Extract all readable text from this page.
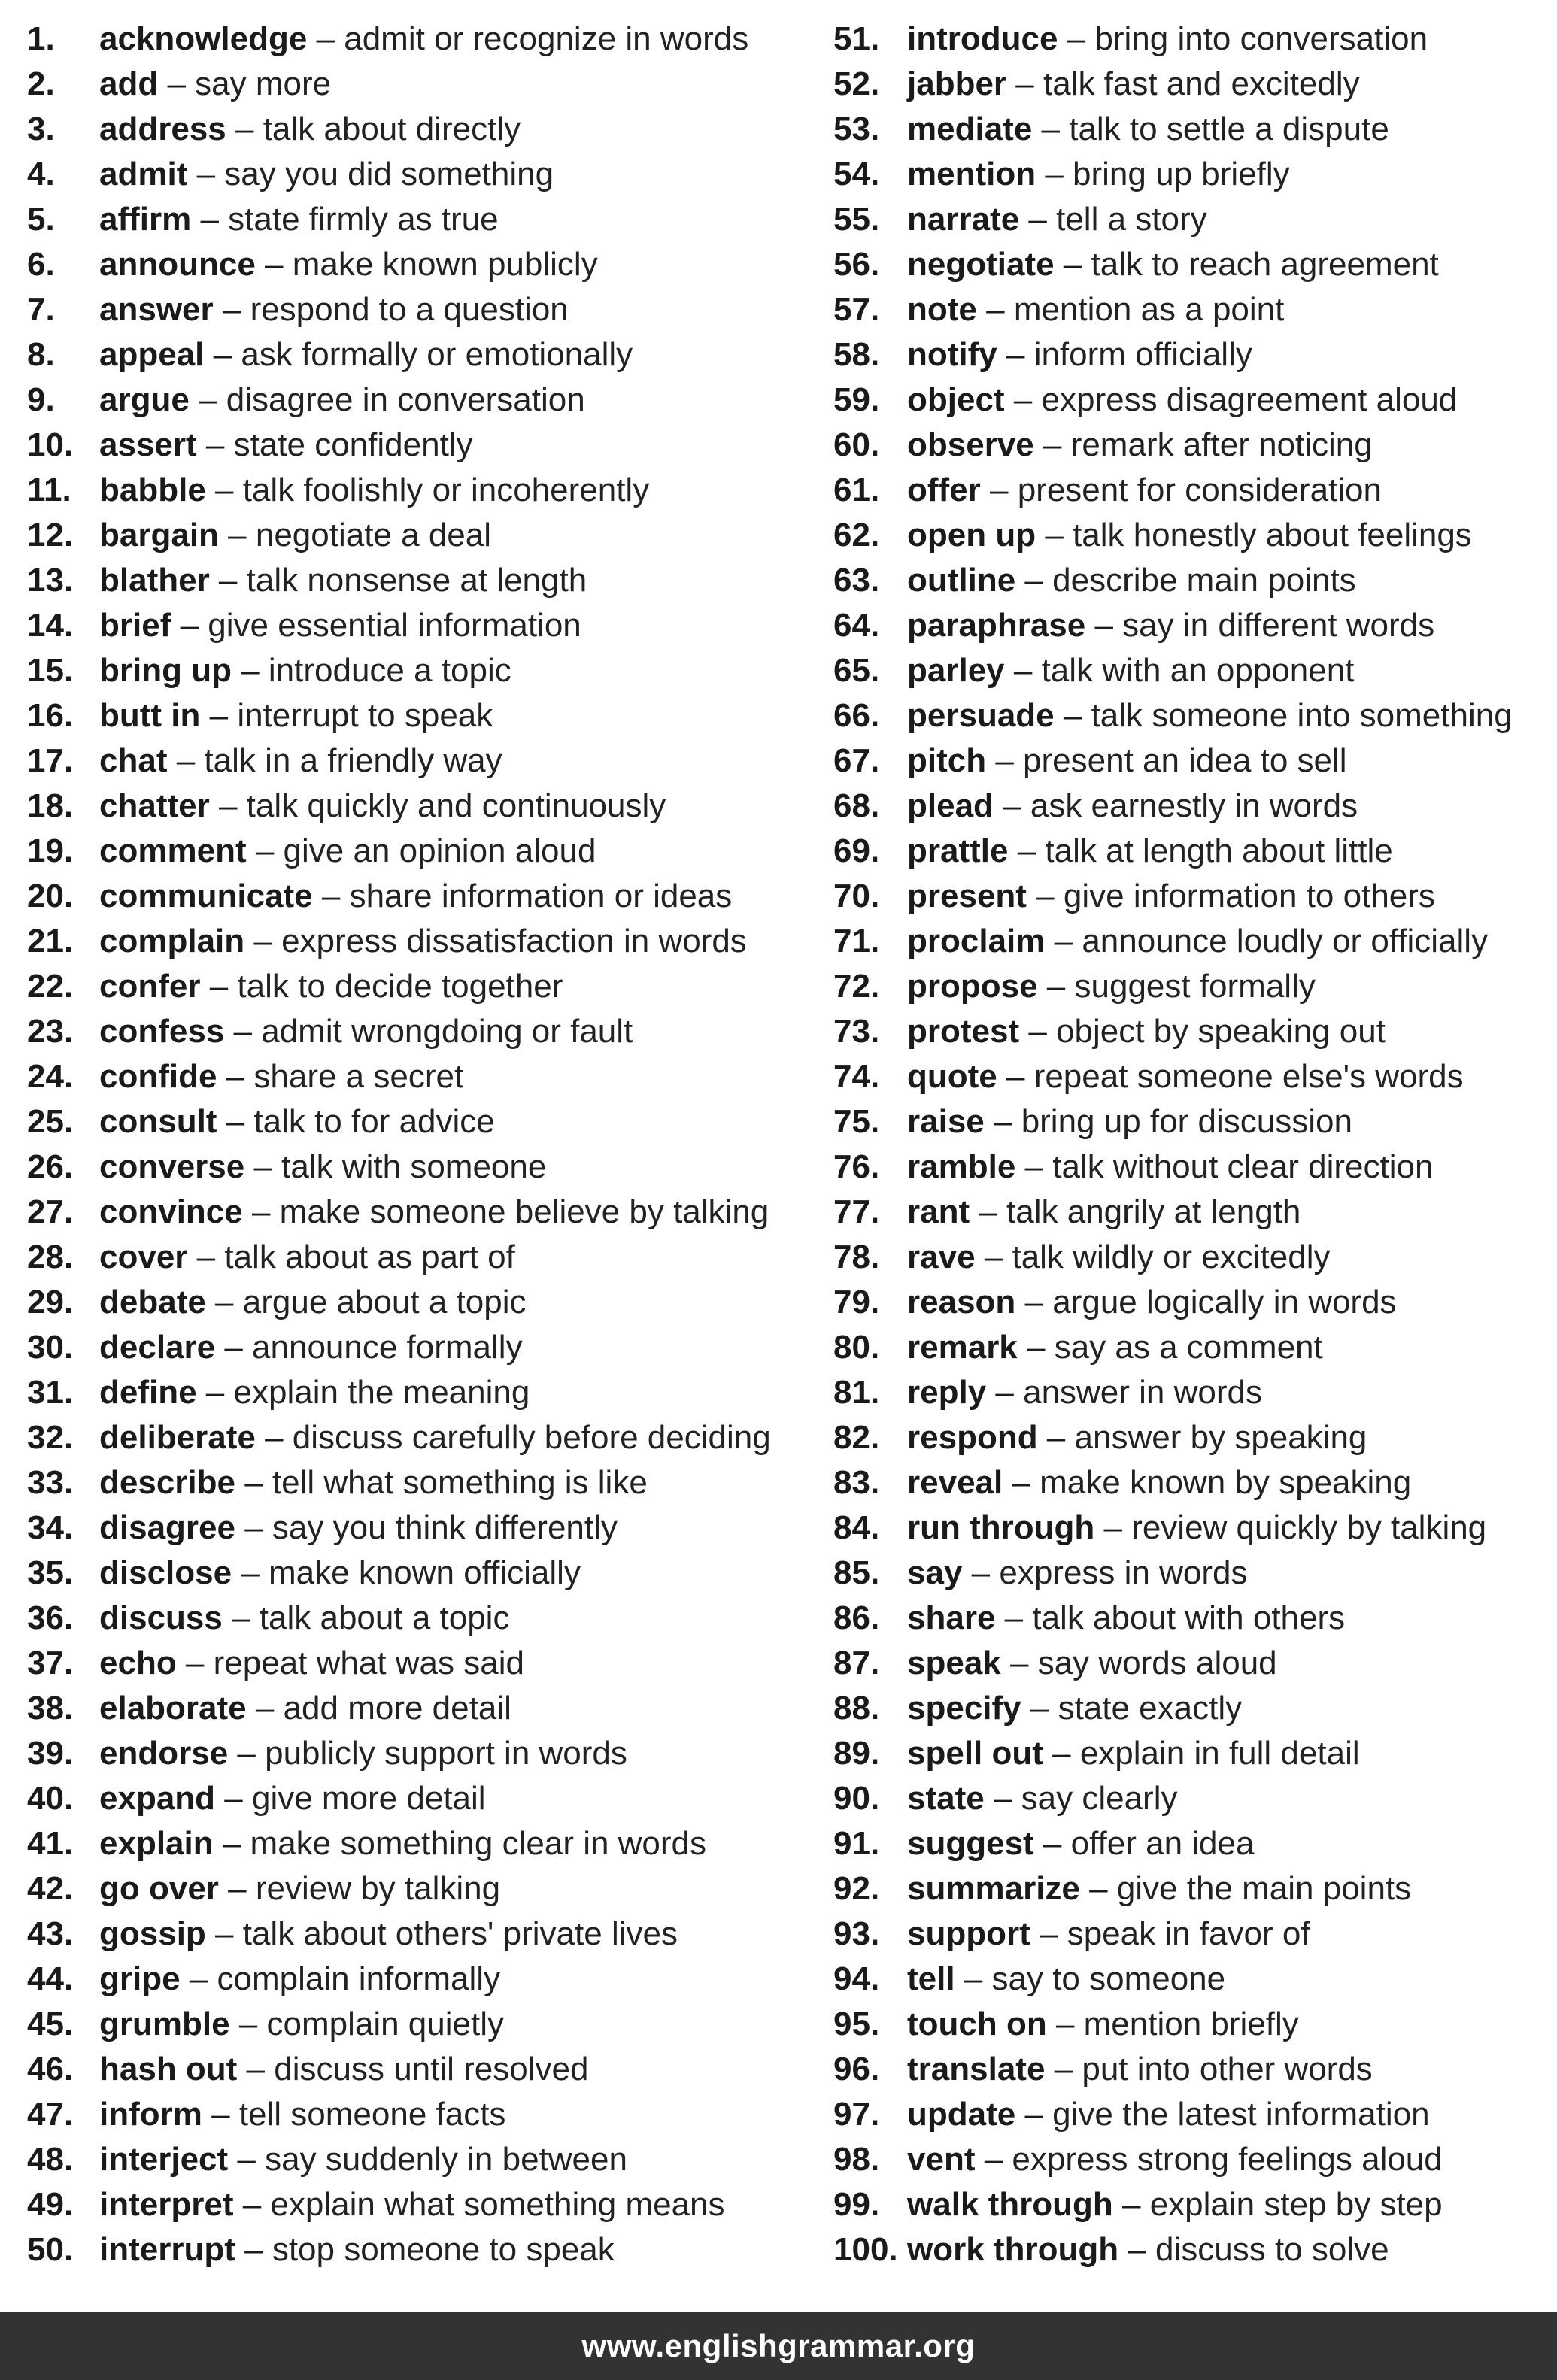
1.	acknowledge – admit or recognize in words
2.	add – say more
3.	address – talk about directly
4.	admit – say you did something
5.	affirm – state firmly as true
6.	announce – make known publicly
7.	answer – respond to a question
8.	appeal – ask formally or emotionally
9.	argue – disagree in conversation
10. assert – state confidently
11. babble – talk foolishly or incoherently
12. bargain – negotiate a deal
13. blather – talk nonsense at length
14. brief – give essential information
15. bring up – introduce a topic
16. butt in – interrupt to speak
17. chat – talk in a friendly way
18. chatter – talk quickly and continuously
19. comment – give an opinion aloud
20. communicate – share information or ideas
21. complain – express dissatisfaction in words
22. confer – talk to decide together
23. confess – admit wrongdoing or fault
24. confide – share a secret
25. consult – talk to for advice
26. converse – talk with someone
27. convince – make someone believe by talking
28. cover – talk about as part of
29. debate – argue about a topic
30. declare – announce formally
31. define – explain the meaning
32. deliberate – discuss carefully before deciding
33. describe – tell what something is like
34. disagree – say you think differently
35. disclose – make known officially
36. discuss – talk about a topic
37. echo – repeat what was said
38. elaborate – add more detail
39. endorse – publicly support in words
40. expand – give more detail
41. explain – make something clear in words
42. go over – review by talking
43. gossip – talk about others' private lives
44. gripe – complain informally
45. grumble – complain quietly
46. hash out – discuss until resolved
47. inform – tell someone facts
48. interject – say suddenly in between
49. interpret – explain what something means
50. interrupt – stop someone to speak
51. introduce – bring into conversation
52. jabber – talk fast and excitedly
53. mediate – talk to settle a dispute
54. mention – bring up briefly
55. narrate – tell a story
56. negotiate – talk to reach agreement
57. note – mention as a point
58. notify – inform officially
59. object – express disagreement aloud
60. observe – remark after noticing
61. offer – present for consideration
62. open up – talk honestly about feelings
63. outline – describe main points
64. paraphrase – say in different words
65. parley – talk with an opponent
66. persuade – talk someone into something
67. pitch – present an idea to sell
68. plead – ask earnestly in words
69. prattle – talk at length about little
70. present – give information to others
71. proclaim – announce loudly or officially
72. propose – suggest formally
73. protest – object by speaking out
74. quote – repeat someone else's words
75. raise – bring up for discussion
76. ramble – talk without clear direction
77. rant – talk angrily at length
78. rave – talk wildly or excitedly
79. reason – argue logically in words
80. remark – say as a comment
81. reply – answer in words
82. respond – answer by speaking
83. reveal – make known by speaking
84. run through – review quickly by talking
85. say – express in words
86. share – talk about with others
87. speak – say words aloud
88. specify – state exactly
89. spell out – explain in full detail
90. state – say clearly
91. suggest – offer an idea
92. summarize – give the main points
93. support – speak in favor of
94. tell – say to someone
95. touch on – mention briefly
96. translate – put into other words
97. update – give the latest information
98. vent – express strong feelings aloud
99. walk through – explain step by step
100. work through – discuss to solve
www.englishgrammar.org
